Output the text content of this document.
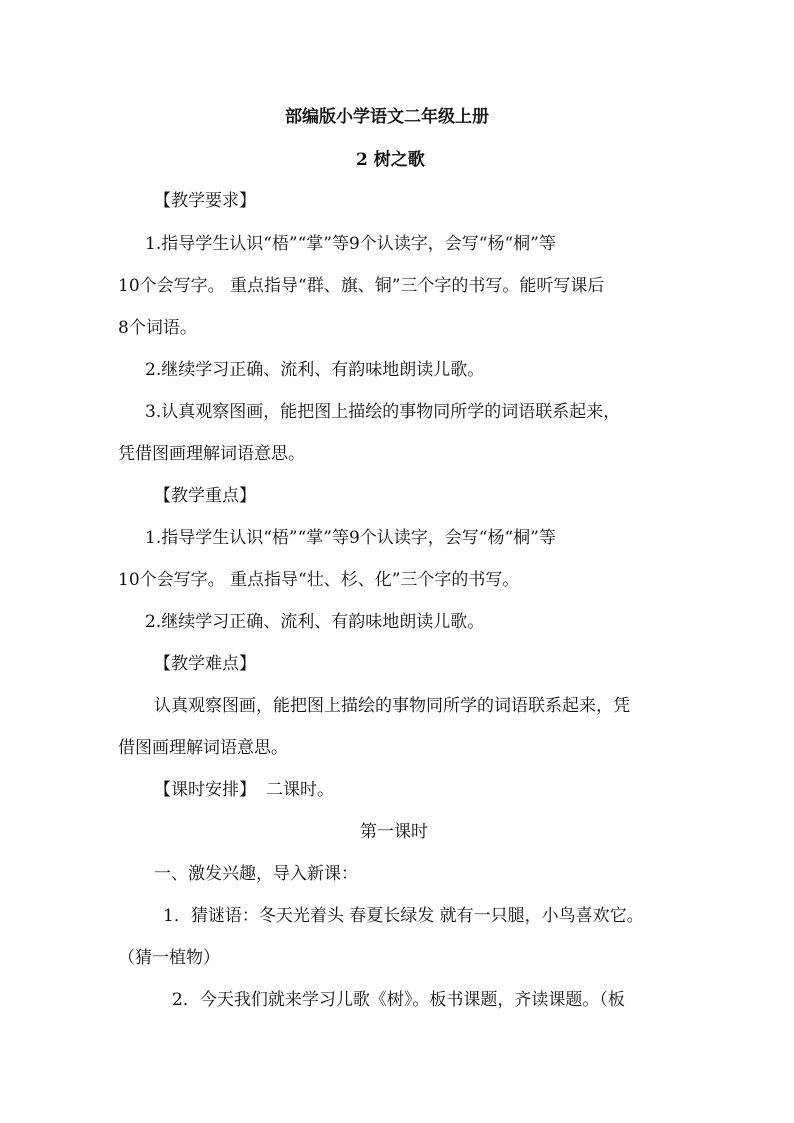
部编版小学语文二年级上册
2 树之歌
【教学要求】
1.指导学生认识“梧”“掌”等9个认读字，会写“杨“桐”等
10个会写字。 重点指导“群、旗、铜”三个字的书写。能听写课后
8个词语。
2.继续学习正确、流利、有韵味地朗读儿歌。
3.认真观察图画，能把图上描绘的事物同所学的词语联系起来，
凭借图画理解词语意思。
【教学重点】
1.指导学生认识“梧”“掌”等9个认读字，会写“杨“桐”等
10个会写字。 重点指导“壮、杉、化”三个字的书写。
2.继续学习正确、流利、有韵味地朗读儿歌。
【教学难点】
认真观察图画，能把图上描绘的事物同所学的词语联系起来，凭
借图画理解词语意思。
【课时安排】 二课时。
第一课时
一、激发兴趣，导入新课：
1．猜谜语：冬天光着头 春夏长绿发 就有一只腿，小鸟喜欢它。
（猜一植物）
2．今天我们就来学习儿歌《树》。板书课题，齐读课题。（板
